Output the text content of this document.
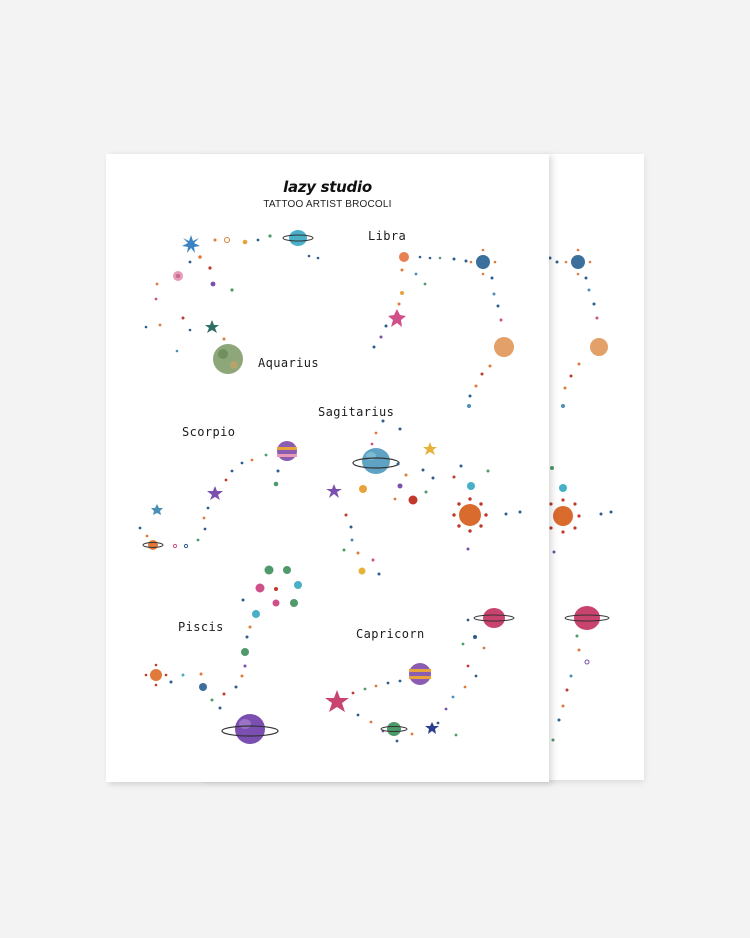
lazy studio
TATTOO ARTIST BROCOLI
Libra
Aquarius
Sagitarius
Scorpio
Piscis	Capricorn
